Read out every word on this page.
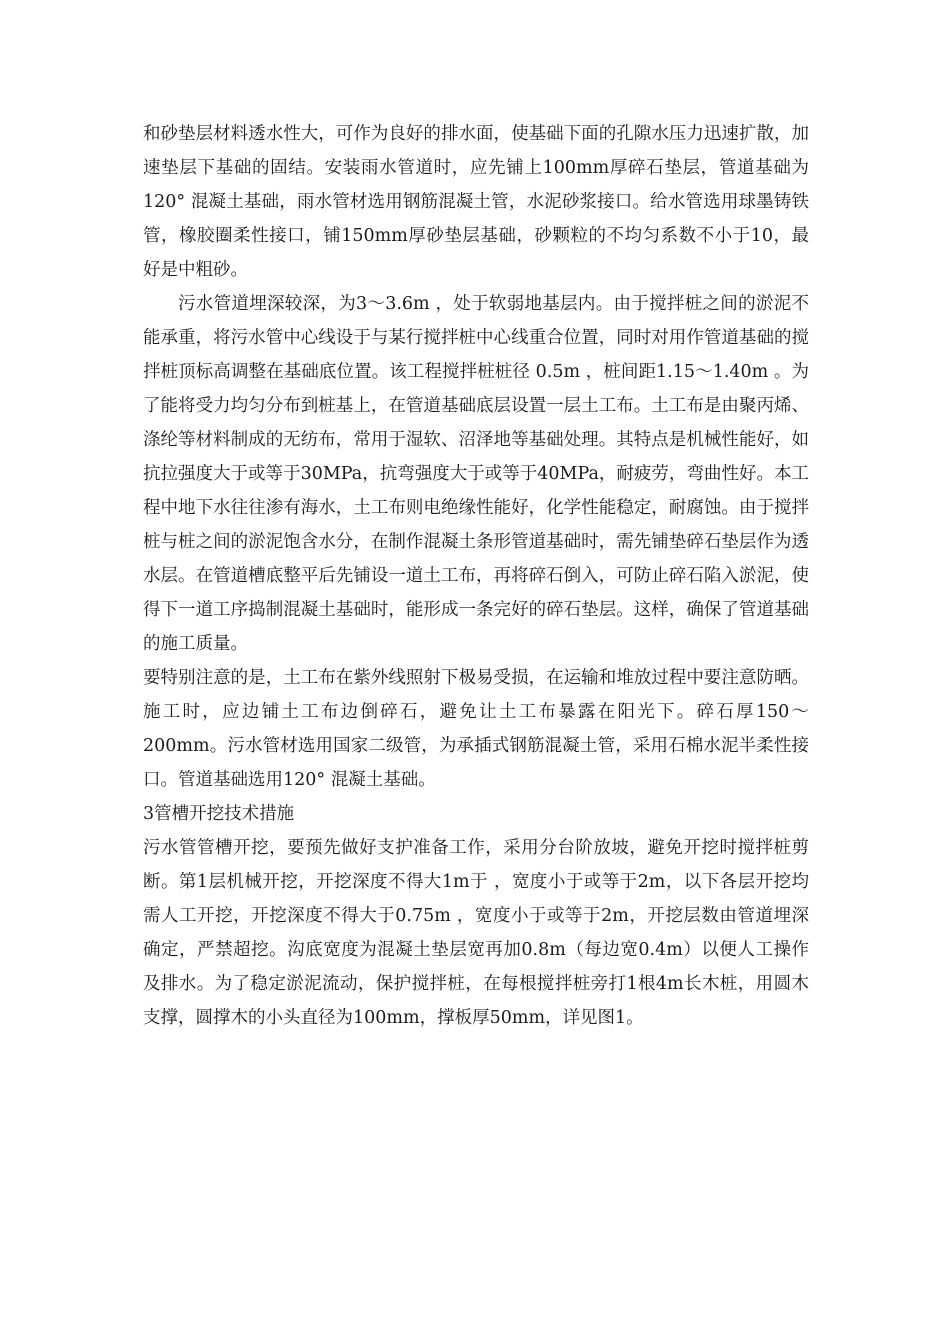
和砂垫层材料透水性大，可作为良好的排水面，使基础下面的孔隙水压力迅速扩散，加速垫层下基础的固结。安装雨水管道时，应先铺上100mm厚碎石垫层，管道基础为120° 混凝土基础，雨水管材选用钢筋混凝土管，水泥砂浆接口。给水管选用球墨铸铁管，橡胶圈柔性接口，铺150mm厚砂垫层基础，砂颗粒的不均匀系数不小于10，最好是中粗砂。

污水管道埋深较深，为3～3.6m ，处于软弱地基层内。由于搅拌桩之间的淤泥不能承重，将污水管中心线设于与某行搅拌桩中心线重合位置，同时对用作管道基础的搅拌桩顶标高调整在基础底位置。该工程搅拌桩桩径 0.5m ，桩间距1.15～1.40m 。为了能将受力均匀分布到桩基上，在管道基础底层设置一层土工布。土工布是由聚丙烯、涤纶等材料制成的无纺布，常用于湿软、沼泽地等基础处理。其特点是机械性能好，如抗拉强度大于或等于30MPa，抗弯强度大于或等于40MPa，耐疲劳，弯曲性好。本工程中地下水往往渗有海水，土工布则电绝缘性能好，化学性能稳定，耐腐蚀。由于搅拌桩与桩之间的淤泥饱含水分，在制作混凝土条形管道基础时，需先铺垫碎石垫层作为透水层。在管道槽底整平后先铺设一道土工布，再将碎石倒入，可防止碎石陷入淤泥，使得下一道工序捣制混凝土基础时，能形成一条完好的碎石垫层。这样，确保了管道基础的施工质量。

要特别注意的是，土工布在紫外线照射下极易受损，在运输和堆放过程中要注意防晒。施工时，应边铺土工布边倒碎石，避免让土工布暴露在阳光下。碎石厚150～200mm。污水管材选用国家二级管，为承插式钢筋混凝土管，采用石棉水泥半柔性接口。管道基础选用120° 混凝土基础。

3管槽开挖技术措施

污水管管槽开挖，要预先做好支护准备工作，采用分台阶放坡，避免开挖时搅拌桩剪断。第1层机械开挖，开挖深度不得大1m于 ，宽度小于或等于2m，以下各层开挖均需人工开挖，开挖深度不得大于0.75m ，宽度小于或等于2m，开挖层数由管道埋深确定，严禁超挖。沟底宽度为混凝土垫层宽再加0.8m（每边宽0.4m）以便人工操作及排水。为了稳定淤泥流动，保护搅拌桩，在每根搅拌桩旁打1根4m长木桩，用圆木支撑，圆撑木的小头直径为100mm，撑板厚50mm，详见图1。
